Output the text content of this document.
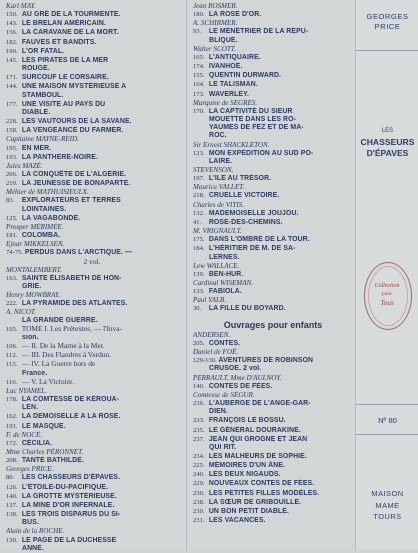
Karl MAY.
150. AU GRÉ DE LA TOURMENTE.
143. LE BRELAN AMÉRICAIN.
156. LA CARAVANE DE LA MORT.
182. FAUVES ET BANDITS.
190. L'OR FATAL.
145. LES PIRATES DE LA MER
ROUGE.
171. SURCOUF LE CORSAIRE.
144. UNE MAISON MYSTÉRIEUSE A
STAMBOUL.
177. UNE VISITE AU PAYS DU
DIABLE.
228. LES VAUTOURS DE LA SAVANE.
158. LA VENGEANCE DU FARMER.
Capitaine MAYNE-REID.
195. EN MER.
193. LA PANTHÈRE-NOIRE.
Jules MAZÉ.
206. LA CONQUÊTE DE L'ALGÉRIE.
210. LA JEUNESSE DE BONAPARTE.
Méhier de MATHUISIEULX.
83. EXPLORATEURS ET TERRES
LOINTAINES.
125. LA VAGABONDE.
Prosper MÉRIMÉE.
181. COLOMBA.
Ejnar MIKKELSEN.
74-75. PERDUS DANS L'ARCTIQUE. —
2 vol.
MONTALEMBERT.
163. SAINTE ÉLISABETH DE HON-
GRIE.
Henry MOWBRAY.
222. LA PYRAMIDE DES ATLANTES.
A. NICOT.
LA GRANDE GUERRE.
105. TOME I. Les Prétextes, — l'Inva-
sion.
106. — II. De la Marne à la Mer.
112. — III. Des Flandres à Verdun.
115. — IV. La Guerre hors de
France.
116. — V. La Victoire.
Luc NYAMEL.
178. LA COMTESSE DE KÉROUA-
LEN.
162. LA DEMOISELLE A LA ROSE.
191. LE MASQUE.
F. de NOCÉ.
172. CÉCILIA.
Mme Charles PÉRONNET.
208. TANTE BATHILDE.
Georges PRICE.
80. LES CHASSEURS D'ÉPAVES.
126. L'ÉTOILE-DU-PACIFIQUE.
140. LA GROTTE MYSTÉRIEUSE.
137. LA MINE D'OR INFERNALE.
138. LES TROIS DISPARUS DU SI-
BUS.
Alain de la ROCHE.
130. LE PAGE DE LA DUCHESSE
ANNE.
Jean ROSMER.
180. LA ROSE D'OR.
A. SCHIRMER.
93. LE MÉNÉTRIER DE LA RÉPU-
BLIQUE.
Walter SCOTT.
165. L'ANTIQUAIRE.
174. IVANHOÉ.
155. QUENTIN DURWARD.
164. LE TALISMAN.
173. WAVERLEY.
Marquise de SEGRÈS.
170. LA CAPTIVITÉ DU SIEUR
MOUETTE DANS LES RO-
YAUMES DE FEZ ET DE MA-
ROC.
Sir Ernest SHACKLETON.
123. MON EXPÉDITION AU SUD PO-
LAIRE.
STEVENSON.
197. L'ILE AU TRÉSOR.
Maurice VALLET.
218. CRUELLE VICTOIRE.
Charles de VITIS.
132. MADEMOISELLE JOUJOU.
41. ROSE-DES-CHEMINS.
M. VRIGNAULT.
175. DANS L'OMBRE DE LA TOUR.
184. L'HÉRITIER DE M. DE SA-
LERNES.
Lew WALLACE.
139. BEN-HUR.
Cardinal WISEMAN.
133. FABIOLA.
Paul YALB.
30. LA FILLE DU BOYARD.
Ouvrages pour enfants
ANDERSEN.
205. CONTES.
Daniel de FOË.
129-130. AVENTURES DE ROBINSON
CRUSOÉ. 2 vol.
PERRAULT, Mme D'AULNOY.
140. CONTES DE FÉES.
Comtesse de SÉGUR.
236. L'AUBERGE DE L'ANGE-GAR-
DIEN.
233. FRANÇOIS LE BOSSU.
235. LE GÉNÉRAL DOURAKINE.
237. JEAN QUI GROGNE ET JEAN
QUI RIT.
234. LES MALHEURS DE SOPHIE.
225. MÉMOIRES D'UN ÂNE.
240. LES DEUX NIGAUDS.
229. NOUVEAUX CONTES DE FÉES.
230. LES PETITES FILLES MODÈLES.
238. LA SŒUR DE GRIBOUILLE.
239. UN BON PETIT DIABLE.
231. LES VACANCES.
GEORGES
PRICE
LES
CHASSEURS
D'ÉPAVES
Collection
pour
Tous
Nº 80
MAISON
MAME
TOURS
